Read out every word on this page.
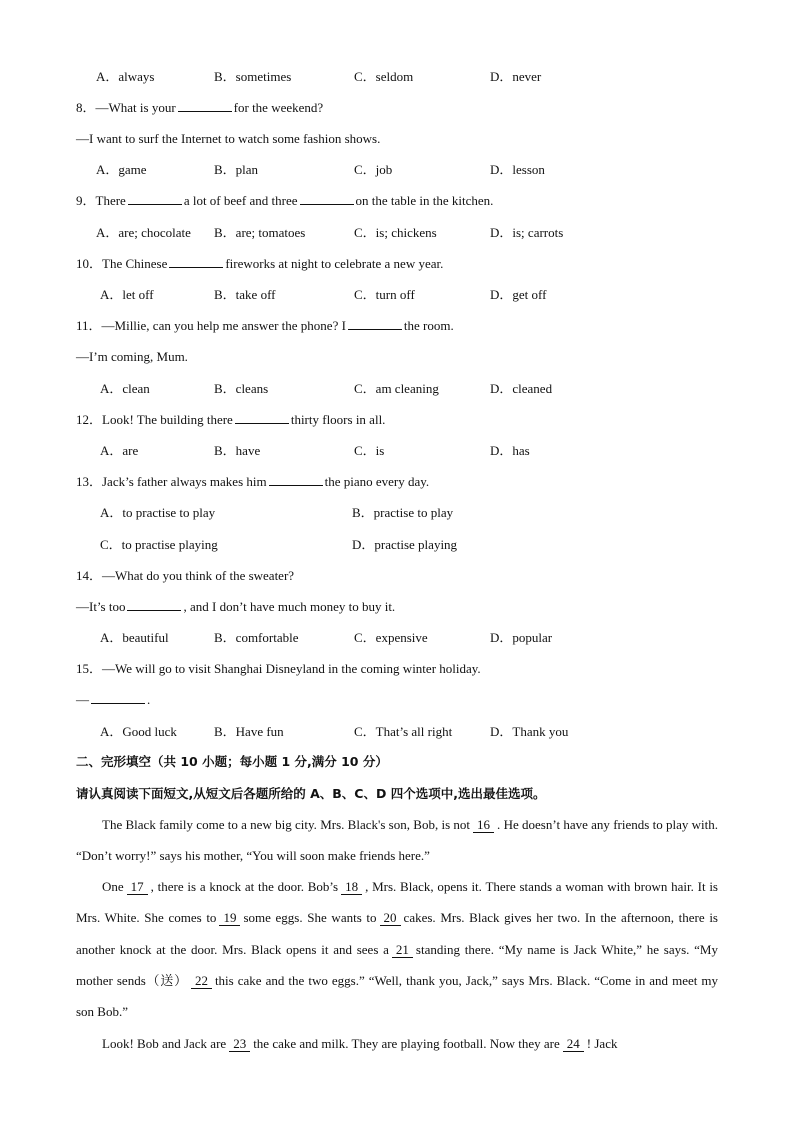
A．always	B．sometimes	C．seldom	D．never
8．—What is your	for the weekend?
—I want to surf the Internet to watch some fashion shows.
A．game	B．plan	C．job	D．lesson
9．There	a lot of beef and three	on the table in the kitchen.
A．are; chocolate B．are; tomatoes	C．is; chickens	D．is; carrots
10．The Chinese	fireworks at night to celebrate a new year.
A．let off	B．take off	C．turn off	D．get off
11．—Millie, can you help me answer the phone? I	the room.
—I’m coming, Mum.
A．clean	B．cleans	C．am cleaning	D．cleaned
12．Look! The building there	thirty floors in all.
A．are	B．have	C．is	D．has
13．Jack’s father always makes him	the piano every day.
A．to practise to play	B．practise to play
C．to practise playing	D．practise playing
14．—What do you think of the sweater?
—It’s too	, and I don’t have much money to buy it.
A．beautiful	B．comfortable	C．expensive	D．popular
15．—We will go to visit Shanghai Disneyland in the coming winter holiday.
—	.
A．Good luck	B．Have fun	C．That’s all right	D．Thank you
二、完形填空（共 10 小题；每小题 1 分,满分 10 分）
请认真阅读下面短文,从短文后各题所给的 A、B、C、D 四个选项中,选出最佳选项。
The Black family come to a new big city. Mrs. Black's son, Bob, is not 16 . He doesn’t have any friends to play with. “Don’t worry!” says his mother, “You will soon make friends here.”
One 17 , there is a knock at the door. Bob’s 18 , Mrs. Black, opens it. There stands a woman with brown hair. It is Mrs. White. She comes to 19 some eggs. She wants to 20 cakes. Mrs. Black gives her two. In the afternoon, there is another knock at the door. Mrs. Black opens it and sees a 21 standing there. “My name is Jack White,” he says. “My mother sends（送） 22 this cake and the two eggs.” “Well, thank you, Jack,” says Mrs. Black. “Come in and meet my son Bob.”
Look! Bob and Jack are 23 the cake and milk. They are playing football. Now they are 24 ! Jack
